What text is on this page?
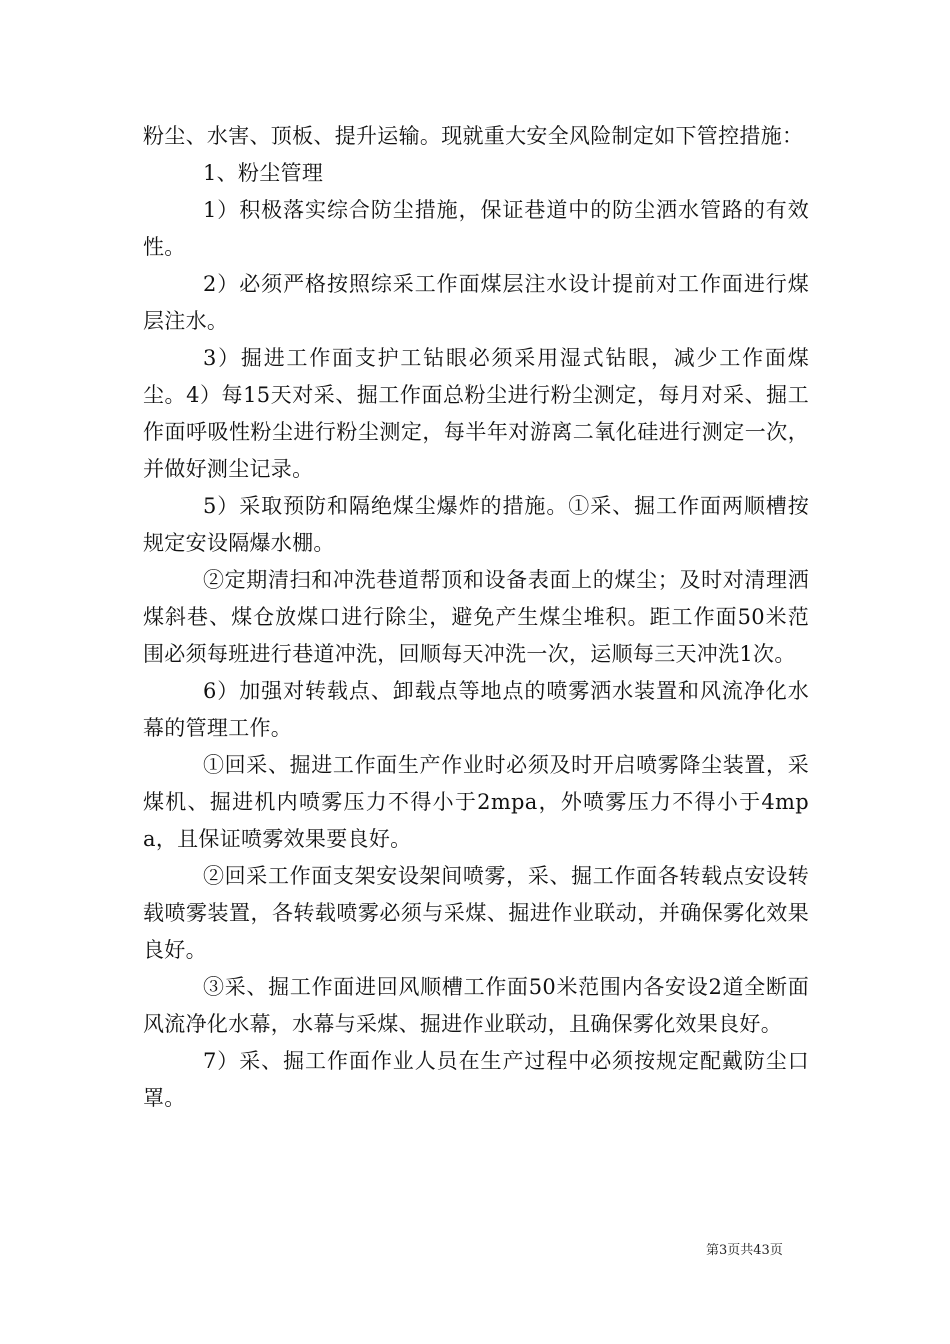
粉尘、水害、顶板、提升运输。现就重大安全风险制定如下管控措施：

1、粉尘管理

1）积极落实综合防尘措施，保证巷道中的防尘洒水管路的有效性。

2）必须严格按照综采工作面煤层注水设计提前对工作面进行煤层注水。

3）掘进工作面支护工钻眼必须采用湿式钻眼，减少工作面煤尘。4）每15天对采、掘工作面总粉尘进行粉尘测定，每月对采、掘工作面呼吸性粉尘进行粉尘测定，每半年对游离二氧化硅进行测定一次，并做好测尘记录。

5）采取预防和隔绝煤尘爆炸的措施。①采、掘工作面两顺槽按规定安设隔爆水棚。

②定期清扫和冲洗巷道帮顶和设备表面上的煤尘；及时对清理洒煤斜巷、煤仓放煤口进行除尘，避免产生煤尘堆积。距工作面50米范围必须每班进行巷道冲洗，回顺每天冲洗一次，运顺每三天冲洗1次。

6）加强对转载点、卸载点等地点的喷雾洒水装置和风流净化水幕的管理工作。

①回采、掘进工作面生产作业时必须及时开启喷雾降尘装置，采煤机、掘进机内喷雾压力不得小于2mpa，外喷雾压力不得小于4mpa，且保证喷雾效果要良好。

②回采工作面支架安设架间喷雾，采、掘工作面各转载点安设转载喷雾装置，各转载喷雾必须与采煤、掘进作业联动，并确保雾化效果良好。

③采、掘工作面进回风顺槽工作面50米范围内各安设2道全断面风流净化水幕，水幕与采煤、掘进作业联动，且确保雾化效果良好。

7）采、掘工作面作业人员在生产过程中必须按规定配戴防尘口罩。

第3页共43页
